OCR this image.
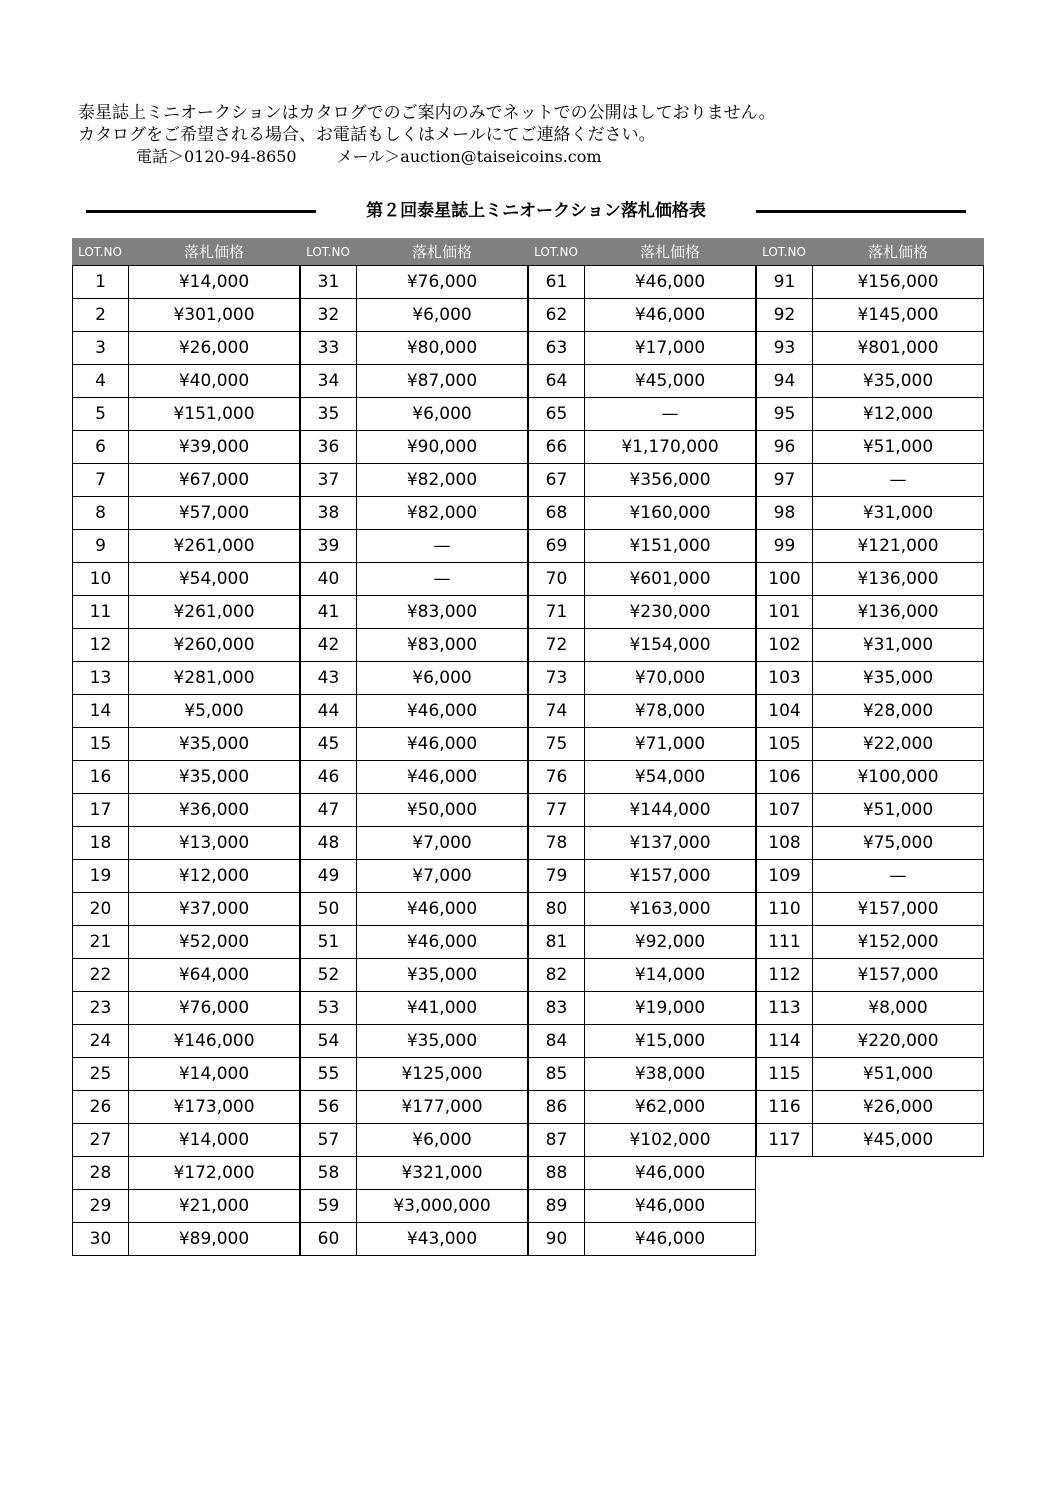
泰星誌上ミニオークションはカタログでのご案内のみでネットでの公開はしておりません。
カタログをご希望される場合、お電話もしくはメールにてご連絡ください。
電話＞0120-94-8650	メール＞auction@taiseicoins.com
第２回泰星誌上ミニオークション落札価格表
LOT.NO	落札価格
1	¥14,000
2	¥301,000
3	¥26,000
4	¥40,000
5	¥151,000
6	¥39,000
7	¥67,000
8	¥57,000
9	¥261,000
10	¥54,000
11	¥261,000
12	¥260,000
13	¥281,000
14	¥5,000
15	¥35,000
16	¥35,000
17	¥36,000
18	¥13,000
19	¥12,000
20	¥37,000
21	¥52,000
22	¥64,000
23	¥76,000
24	¥146,000
25	¥14,000
26	¥173,000
27	¥14,000
28	¥172,000
29	¥21,000
30	¥89,000
LOT.NO	落札価格
31	¥76,000
32	¥6,000
33	¥80,000
34	¥87,000
35	¥6,000
36	¥90,000
37	¥82,000
38	¥82,000
39	—
40	—
41	¥83,000
42	¥83,000
43	¥6,000
44	¥46,000
45	¥46,000
46	¥46,000
47	¥50,000
48	¥7,000
49	¥7,000
50	¥46,000
51	¥46,000
52	¥35,000
53	¥41,000
54	¥35,000
55	¥125,000
56	¥177,000
57	¥6,000
58	¥321,000
59	¥3,000,000
60	¥43,000
LOT.NO	落札価格
61	¥46,000
62	¥46,000
63	¥17,000
64	¥45,000
65	—
66	¥1,170,000
67	¥356,000
68	¥160,000
69	¥151,000
70	¥601,000
71	¥230,000
72	¥154,000
73	¥70,000
74	¥78,000
75	¥71,000
76	¥54,000
77	¥144,000
78	¥137,000
79	¥157,000
80	¥163,000
81	¥92,000
82	¥14,000
83	¥19,000
84	¥15,000
85	¥38,000
86	¥62,000
87	¥102,000
88	¥46,000
89	¥46,000
90	¥46,000
LOT.NO	落札価格
91	¥156,000
92	¥145,000
93	¥801,000
94	¥35,000
95	¥12,000
96	¥51,000
97	—
98	¥31,000
99	¥121,000
100	¥136,000
101	¥136,000
102	¥31,000
103	¥35,000
104	¥28,000
105	¥22,000
106	¥100,000
107	¥51,000
108	¥75,000
109	—
110	¥157,000
111	¥152,000
112	¥157,000
113	¥8,000
114	¥220,000
115	¥51,000
116	¥26,000
117	¥45,000
